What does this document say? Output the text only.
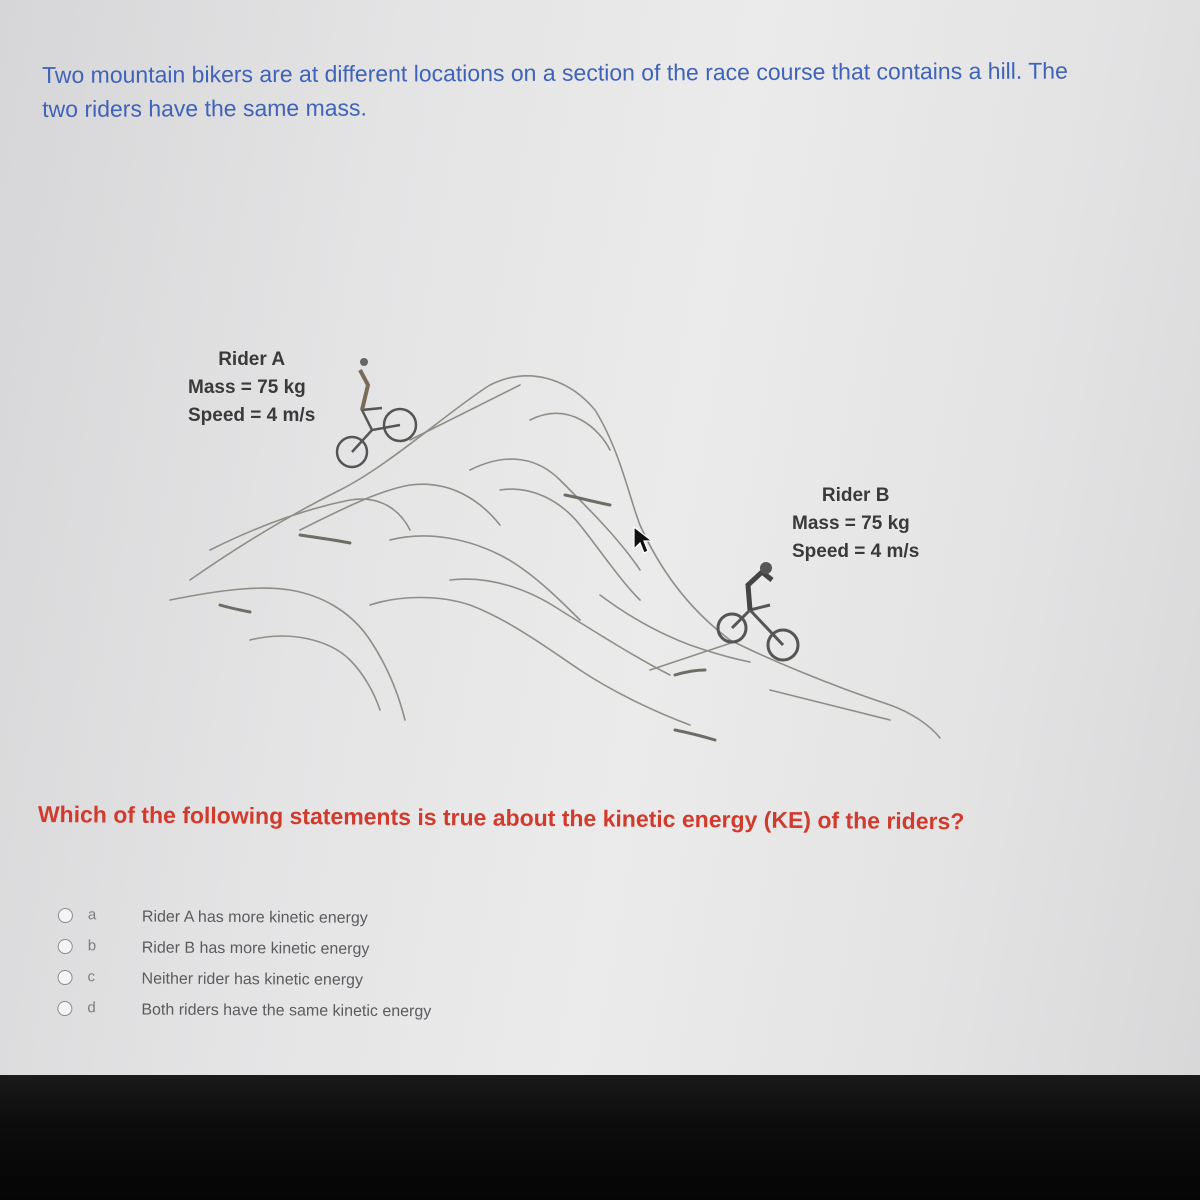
Two mountain bikers are at different locations on a section of the race course that contains a hill. The
two riders have the same mass.
Rider A
Mass = 75 kg
Speed = 4 m/s
Rider B
Mass = 75 kg
Speed = 4 m/s
Which of the following statements is true about the kinetic energy (KE) of the riders?
a	Rider A has more kinetic energy
b	Rider B has more kinetic energy
c	Neither rider has kinetic energy
d	Both riders have the same kinetic energy
